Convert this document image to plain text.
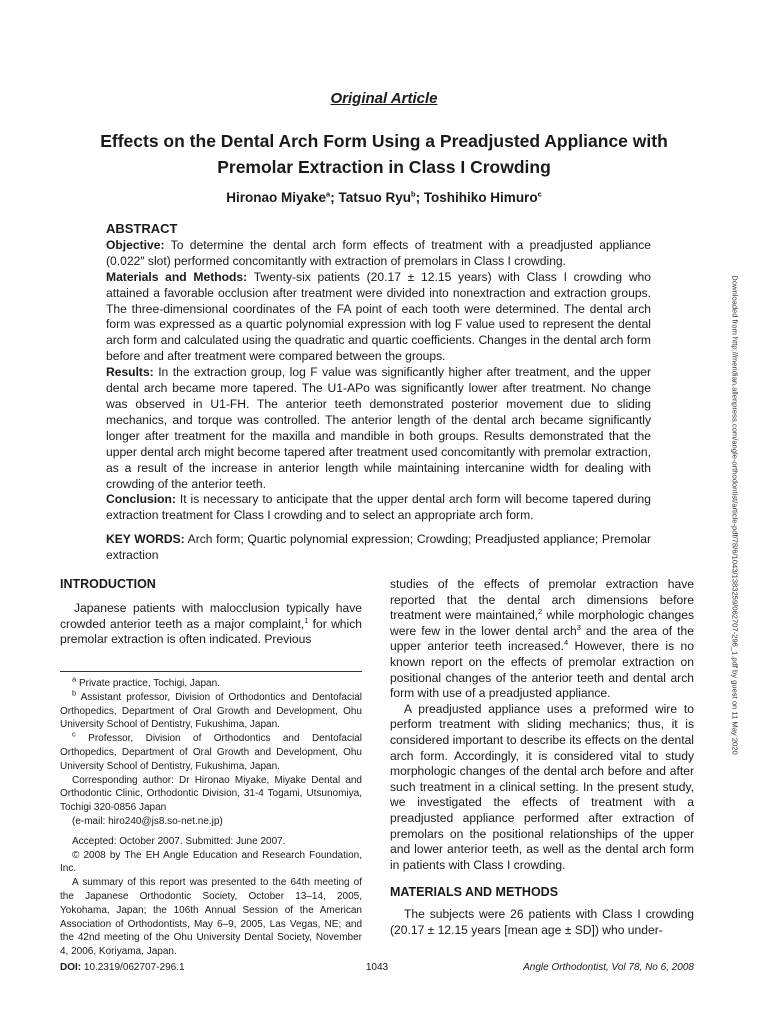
Original Article
Effects on the Dental Arch Form Using a Preadjusted Appliance with Premolar Extraction in Class I Crowding
Hironao Miyake$^a$; Tatsuo Ryu$^b$; Toshihiko Himuro$^c$
ABSTRACT

Objective: To determine the dental arch form effects of treatment with a preadjusted appliance (0.022″ slot) performed concomitantly with extraction of premolars in Class I crowding.

Materials and Methods: Twenty-six patients (20.17 ± 12.15 years) with Class I crowding who attained a favorable occlusion after treatment were divided into nonextraction and extraction groups. The three-dimensional coordinates of the FA point of each tooth were determined. The dental arch form was expressed as a quartic polynomial expression with log F value used to represent the dental arch form and calculated using the quadratic and quartic coefficients. Changes in the dental arch form before and after treatment were compared between the groups.

Results: In the extraction group, log F value was significantly higher after treatment, and the upper dental arch became more tapered. The U1-APo was significantly lower after treatment. No change was observed in U1-FH. The anterior teeth demonstrated posterior movement due to sliding mechanics, and torque was controlled. The anterior length of the dental arch became significantly longer after treatment for the maxilla and mandible in both groups. Results demonstrated that the upper dental arch might become tapered after treatment used concomitantly with premolar extraction, as a result of the increase in anterior length while maintaining intercanine width for dealing with crowding of the anterior teeth.

Conclusion: It is necessary to anticipate that the upper dental arch form will become tapered during extraction treatment for Class I crowding and to select an appropriate arch form.

KEY WORDS: Arch form; Quartic polynomial expression; Crowding; Preadjusted appliance; Premolar extraction	Downloaded from http://meridian.allenpress.com/angle-orthodontist/article-pdf/78/6/1043/1383259/062707-296_1.pdf by guest on 11 May 2020
INTRODUCTION

Japanese patients with malocclusion typically have crowded anterior teeth as a major complaint,$^1$ for which premolar extraction is often indicated. Previous

$^a$ Private practice, Tochigi, Japan.

$^b$ Assistant professor, Division of Orthodontics and Dentofacial Orthopedics, Department of Oral Growth and Development, Ohu University School of Dentistry, Fukushima, Japan.

$^c$ Professor, Division of Orthodontics and Dentofacial Orthopedics, Department of Oral Growth and Development, Ohu University School of Dentistry, Fukushima, Japan.

Corresponding author: Dr Hironao Miyake, Miyake Dental and Orthodontic Clinic, Orthodontic Division, 31-4 Togami, Utsunomiya, Tochigi 320-0856 Japan

(e-mail: hiro240@js8.so-net.ne.jp)

Accepted: October 2007. Submitted: June 2007.

© 2008 by The EH Angle Education and Research Foundation, Inc.

A summary of this report was presented to the 64th meeting of the Japanese Orthodontic Society, October 13–14, 2005, Yokohama, Japan; the 106th Annual Session of the American Association of Orthodontists, May 6–9, 2005, Las Vegas, NE; and the 42nd meeting of the Ohu University Dental Society, November 4, 2006, Koriyama, Japan.

studies of the effects of premolar extraction have reported that the dental arch dimensions before treatment were maintained,$^2$ while morphologic changes were few in the lower dental arch$^3$ and the area of the upper anterior teeth increased.$^4$ However, there is no known report on the effects of premolar extraction on positional changes of the anterior teeth and dental arch form with use of a preadjusted appliance.

A preadjusted appliance uses a preformed wire to perform treatment with sliding mechanics; thus, it is considered important to describe its effects on the dental arch form. Accordingly, it is considered vital to study morphologic changes of the dental arch before and after such treatment in a clinical setting. In the present study, we investigated the effects of treatment with a preadjusted appliance performed after extraction of premolars on the positional relationships of the upper and lower anterior teeth, as well as the dental arch form in patients with Class I crowding.

MATERIALS AND METHODS

The subjects were 26 patients with Class I crowding (20.17 ± 12.15 years [mean age ± SD]) who under-

DOI: 10.2319/062707-296.1	1043	Angle Orthodontist, Vol 78, No 6, 2008
